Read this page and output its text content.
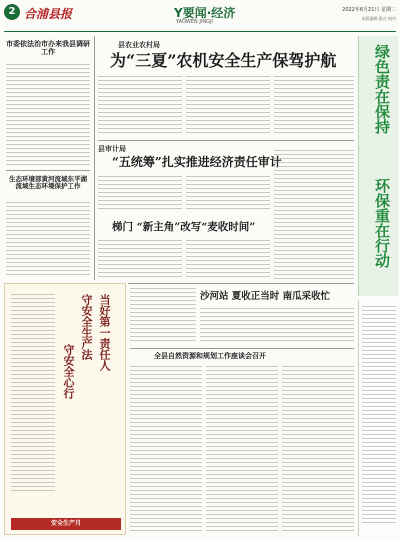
2 合浦县报	Y要闻·经济
YAOWEN JINGJI
2022年6月21日 星期二
本版编辑 版式 校对
市委依法治市办来我县调研工作
生态环境部黄河流域东平湖流域生态环境保护工作
县农业农村局
为“三夏”农机安全生产保驾护航
县审计局
“五统筹”扎实推进经济责任审计
梯门 “新主角”改写“麦收时间”
沙河站 夏收正当时 南瓜采收忙
全县自然资源和规划工作座谈会召开
绿色责在保持
环保重在行动
当好第一责任人
守安全生产法
守安全心行
安全生产月
